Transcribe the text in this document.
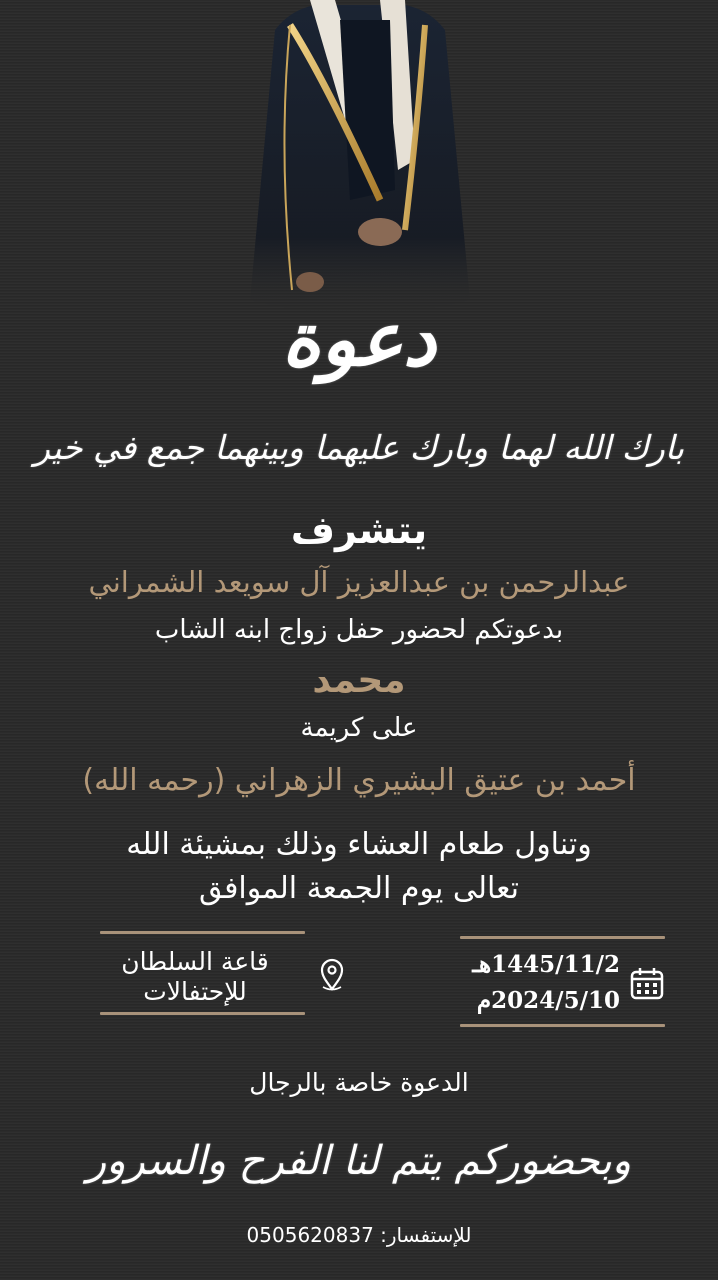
دعوة
بارك الله لهما وبارك عليهما وبينهما جمع في خير
يتشرف
عبدالرحمن بن عبدالعزيز آل سويعد الشمراني
بدعوتكم لحضور حفل زواج ابنه الشاب
محمد
على كريمة
أحمد بن عتيق البشيري الزهراني (رحمه الله)
وتناول طعام العشاء وذلك بمشيئة الله
تعالى يوم الجمعة الموافق
1445/11/2هـ
2024/5/10م
قاعة السلطان
للإحتفالات
الدعوة خاصة بالرجال
وبحضوركم يتم لنا الفرح والسرور
للإستفسار: 0505620837
